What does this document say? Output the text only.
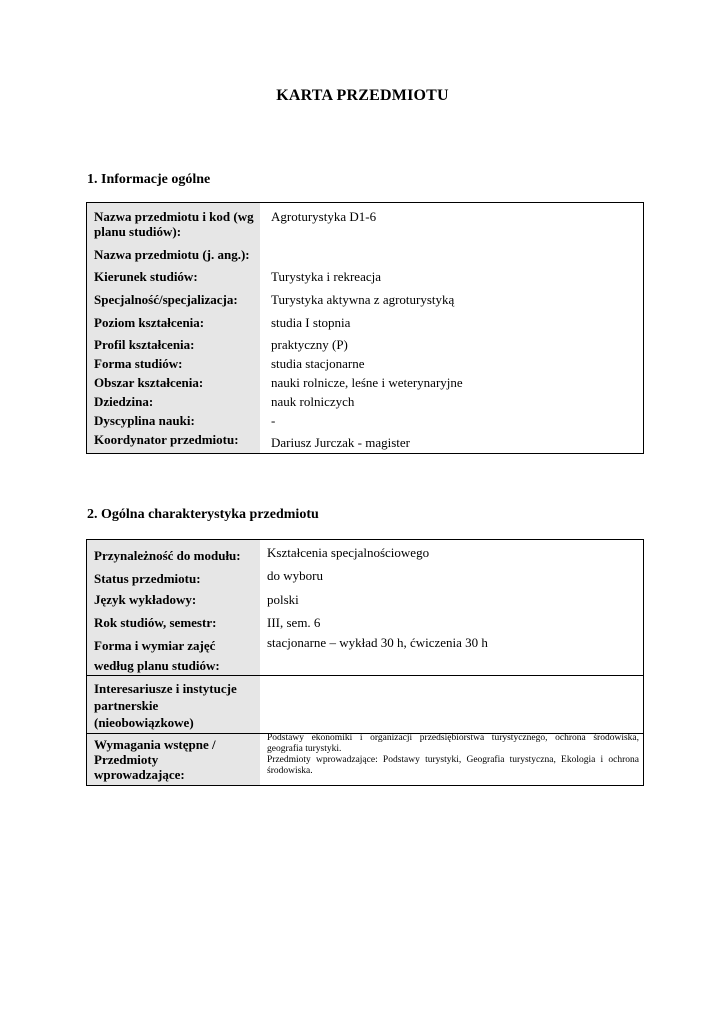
KARTA PRZEDMIOTU
1. Informacje ogólne
Nazwa przedmiotu i kod (wg planu studiów):
Agroturystyka D1-6
Nazwa przedmiotu (j. ang.):
Kierunek studiów:	Turystyka i rekreacja
Specjalność/specjalizacja:	Turystyka aktywna z agroturystyką
Poziom kształcenia:	studia I stopnia
Profil kształcenia:	praktyczny (P)
Forma studiów:	studia stacjonarne
Obszar kształcenia:	nauki rolnicze, leśne i weterynaryjne
Dziedzina:	nauk rolniczych
Dyscyplina nauki:	-
Koordynator przedmiotu:	Dariusz Jurczak - magister
2. Ogólna charakterystyka przedmiotu
Przynależność do modułu:	Kształcenia specjalnościowego
Status przedmiotu:	do wyboru
Język wykładowy:	polski
Rok studiów, semestr:	III, sem. 6
Forma i wymiar zajęć według planu studiów:
stacjonarne – wykład 30 h, ćwiczenia 30 h
Interesariusze i instytucje partnerskie (nieobowiązkowe)
Wymagania wstępne / Przedmioty wprowadzające:
Podstawy ekonomiki i organizacji przedsiębiorstwa turystycznego, ochrona środowiska, geografia turystyki.
Przedmioty wprowadzające: Podstawy turystyki, Geografia turystyczna, Ekologia i ochrona środowiska.
